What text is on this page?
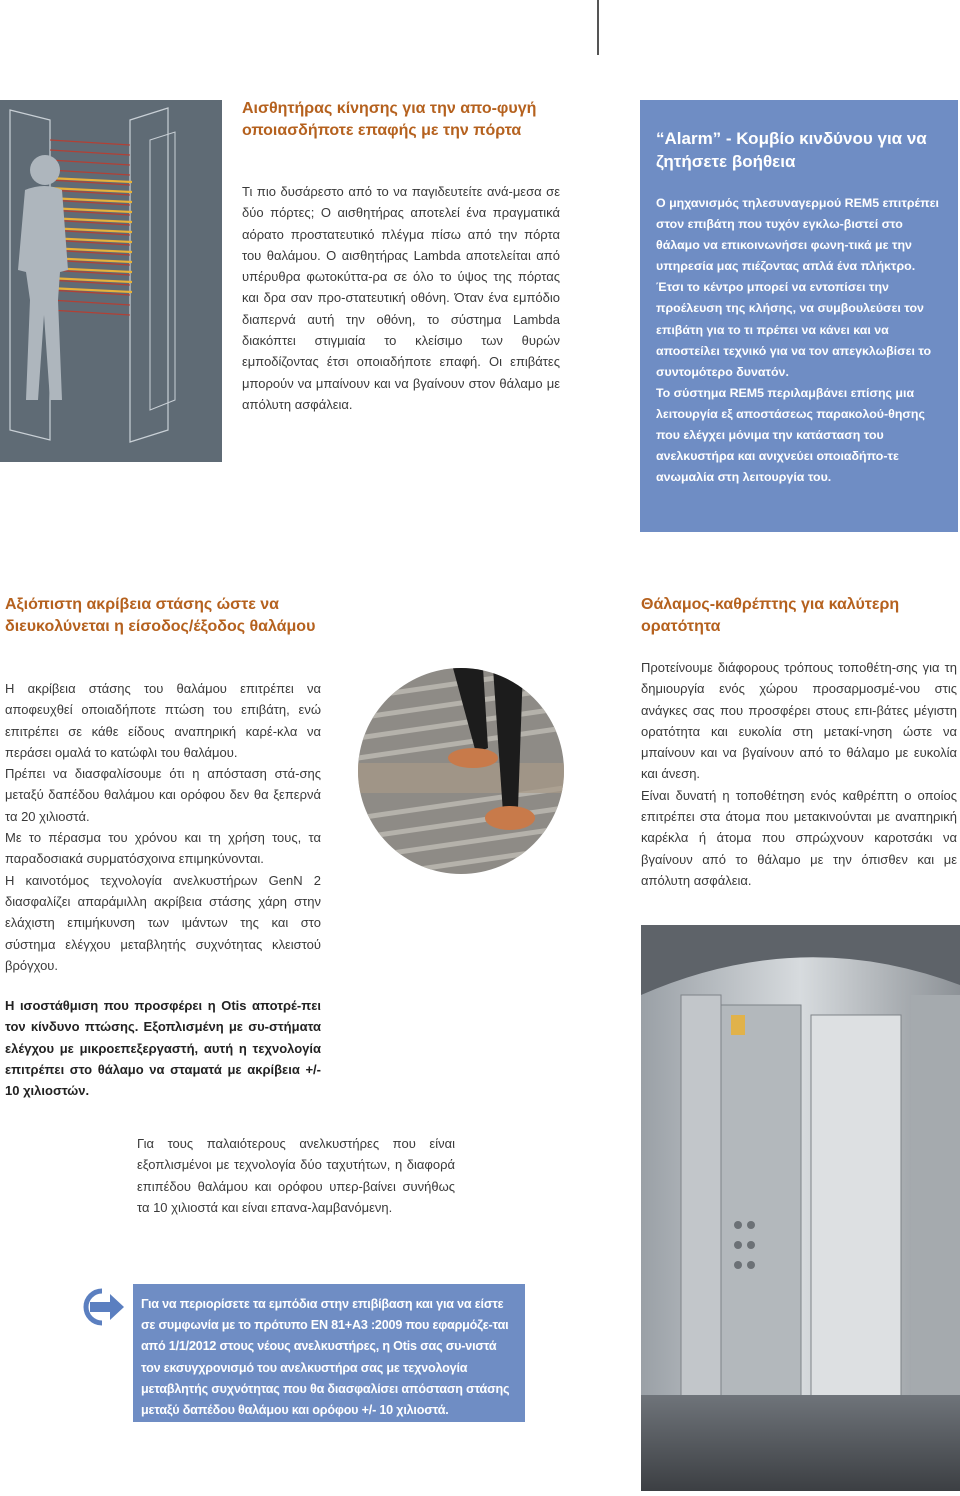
Αισθητήρας κίνησης για την απο-φυγή οποιασδήποτε επαφής με την πόρτα

Τι πιο δυσάρεστο από το να παγιδευτείτε ανά-μεσα σε δύο πόρτες; Ο αισθητήρας αποτελεί ένα πραγματικά αόρατο προστατευτικό πλέγμα πίσω από την πόρτα του θαλάμου. Ο αισθητήρας Lambda αποτελείται από υπέρυθρα φωτοκύττα-ρα σε όλο το ύψος της πόρτας και δρα σαν προ-στατευτική οθόνη. Όταν ένα εμπόδιο διαπερνά αυτή την οθόνη, το σύστημα Lambda διακόπτει στιγμιαία το κλείσιμο των θυρών εμποδίζοντας έτσι οποιαδήποτε επαφή. Οι επιβάτες μπορούν να μπαίνουν και να βγαίνουν στον θάλαμο με απόλυτη ασφάλεια.

“Alarm” - Κομβίο κινδύνου για να ζητήσετε βοήθεια

Ο μηχανισμός τηλεσυναγερμού REM5 επιτρέπει στον επιβάτη που τυχόν εγκλω-βιστεί στο θάλαμο να επικοινωνήσει φωνη-τικά με την υπηρεσία μας πιέζοντας απλά ένα πλήκτρο.

Έτσι το κέντρο μπορεί να εντοπίσει την προέλευση της κλήσης, να συμβουλεύσει τον επιβάτη για το τι πρέπει να κάνει και να αποστείλει τεχνικό για να τον απεγκλωβίσει το συντομότερο δυνατόν.

Το σύστημα REM5 περιλαμβάνει επίσης μια λειτουργία εξ αποστάσεως παρακολού-θησης που ελέγχει μόνιμα την κατάσταση του ανελκυστήρα και ανιχνεύει οποιαδήπο-τε ανωμαλία στη λειτουργία του.

Αξιόπιστη ακρίβεια στάσης ώστε να διευκολύνεται η είσοδος/έξοδος θαλάμου

Η ακρίβεια στάσης του θαλάμου επιτρέπει να αποφευχθεί οποιαδήποτε πτώση του επιβάτη, ενώ επιτρέπει σε κάθε είδους αναπηρική καρέ-κλα να περάσει ομαλά το κατώφλι του θαλάμου.

Πρέπει να διασφαλίσουμε ότι η απόσταση στά-σης μεταξύ δαπέδου θαλάμου και ορόφου δεν θα ξεπερνά τα 20 χιλιοστά.

Με το πέρασμα του χρόνου και τη χρήση τους, τα παραδοσιακά συρματόσχοινα επιμηκύνονται.

Η καινοτόμος τεχνολογία ανελκυστήρων GenN 2 διασφαλίζει απαράμιλλη ακρίβεια στάσης χάρη στην ελάχιστη επιμήκυνση των ιμάντων της και στο σύστημα ελέγχου μεταβλητής συχνότητας κλειστού βρόγχου.

Η ισοστάθμιση που προσφέρει η Otis αποτρέ-πει τον κίνδυνο πτώσης. Εξοπλισμένη με συ-στήματα ελέγχου με μικροεπεξεργαστή, αυτή η τεχνολογία επιτρέπει στο θάλαμο να σταματά με ακρίβεια +/- 10 χιλιοστών.
Για τους παλαιότερους ανελκυστήρες που είναι εξοπλισμένοι με τεχνολογία δύο ταχυτήτων, η διαφορά επιπέδου θαλάμου και ορόφου υπερ-βαίνει συνήθως τα 10 χιλιοστά και είναι επανα-λαμβανόμενη.
Θάλαμος-καθρέπτης για καλύτερη ορατότητα

Προτείνουμε διάφορους τρόπους τοποθέτη-σης για τη δημιουργία ενός χώρου προσαρμοσμέ-νου στις ανάγκες σας που προσφέρει στους επι-βάτες μέγιστη ορατότητα και ευκολία στη μετακί-νηση ώστε να μπαίνουν και να βγαίνουν από το θάλαμο με ευκολία και άνεση.

Είναι δυνατή η τοποθέτηση ενός καθρέπτη ο οποίος επιτρέπει στα άτομα που μετακινούνται με αναπηρική καρέκλα ή άτομα που σπρώχνουν καροτσάκι να βγαίνουν από το θάλαμο με την όπισθεν και με απόλυτη ασφάλεια.

Για να περιορίσετε τα εμπόδια στην επιβίβαση και για να είστε σε συμφωνία με το πρότυπο EN 81+A3 :2009 που εφαρμόζε-ται από 1/1/2012 στους νέους ανελκυστήρες, η Otis σας συ-νιστά τον εκσυγχρονισμό του ανελκυστήρα σας με τεχνολογία μεταβλητής συχνότητας που θα διασφαλίσει απόσταση στάσης μεταξύ δαπέδου θαλάμου και ορόφου +/- 10 χιλιοστά.
